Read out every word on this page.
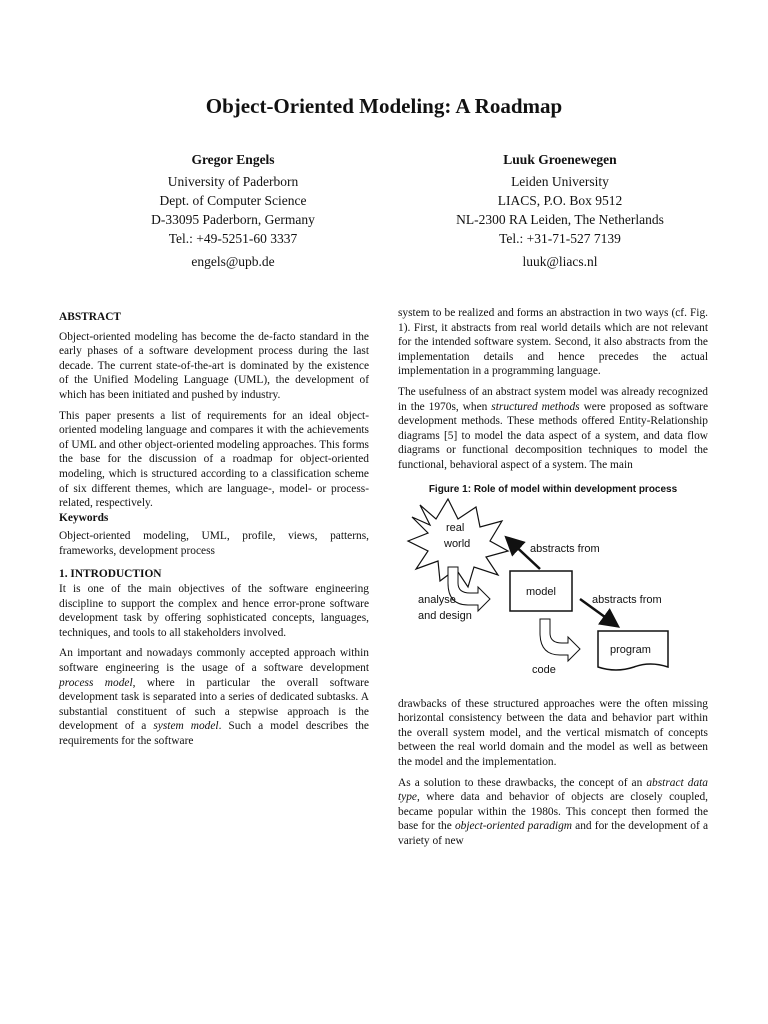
Object-Oriented Modeling: A Roadmap
Gregor Engels
University of Paderborn
Dept. of Computer Science
D-33095 Paderborn, Germany
Tel.: +49-5251-60 3337
engels@upb.de
Luuk Groenewegen
Leiden University
LIACS, P.O. Box 9512
NL-2300 RA Leiden, The Netherlands
Tel.: +31-71-527 7139
luuk@liacs.nl
ABSTRACT

Object-oriented modeling has become the de-facto standard in the early phases of a software development process during the last decade. The current state-of-the-art is dominated by the existence of the Unified Modeling Language (UML), the development of which has been initiated and pushed by industry.

This paper presents a list of requirements for an ideal object-oriented modeling language and compares it with the achievements of UML and other object-oriented modeling approaches. This forms the base for the discussion of a roadmap for object-oriented modeling, which is structured according to a classification scheme of six different themes, which are language-, model- or process-related, respectively.

Keywords

Object-oriented modeling, UML, profile, views, patterns, frameworks, development process

1. INTRODUCTION

It is one of the main objectives of the software engineering discipline to support the complex and hence error-prone software development task by offering sophisticated concepts, languages, techniques, and tools to all stakeholders involved.

An important and nowadays commonly accepted approach within software engineering is the usage of a software development process model, where in particular the overall software development task is separated into a series of dedicated subtasks. A substantial constituent of such a stepwise approach is the development of a system model. Such a model describes the requirements for the software

system to be realized and forms an abstraction in two ways (cf. Fig. 1). First, it abstracts from real world details which are not relevant for the intended software system. Second, it also abstracts from the implementation details and hence precedes the actual implementation in a programming language.

The usefulness of an abstract system model was already recognized in the 1970s, when structured methods were proposed as software development methods. These methods offered Entity-Relationship diagrams [5] to model the data aspect of a system, and data flow diagrams or functional decomposition techniques to model the functional, behavioral aspect of a system. The main

Figure 1: Role of model within development process
real
world	abstracts from
analyse
and design
model
abstracts from
code
program

drawbacks of these structured approaches were the often missing horizontal consistency between the data and behavior part within the overall system model, and the vertical mismatch of concepts between the real world domain and the model as well as between the model and the implementation.

As a solution to these drawbacks, the concept of an abstract data type, where data and behavior of objects are closely coupled, became popular within the 1980s. This concept then formed the base for the object-oriented paradigm and for the development of a variety of new
